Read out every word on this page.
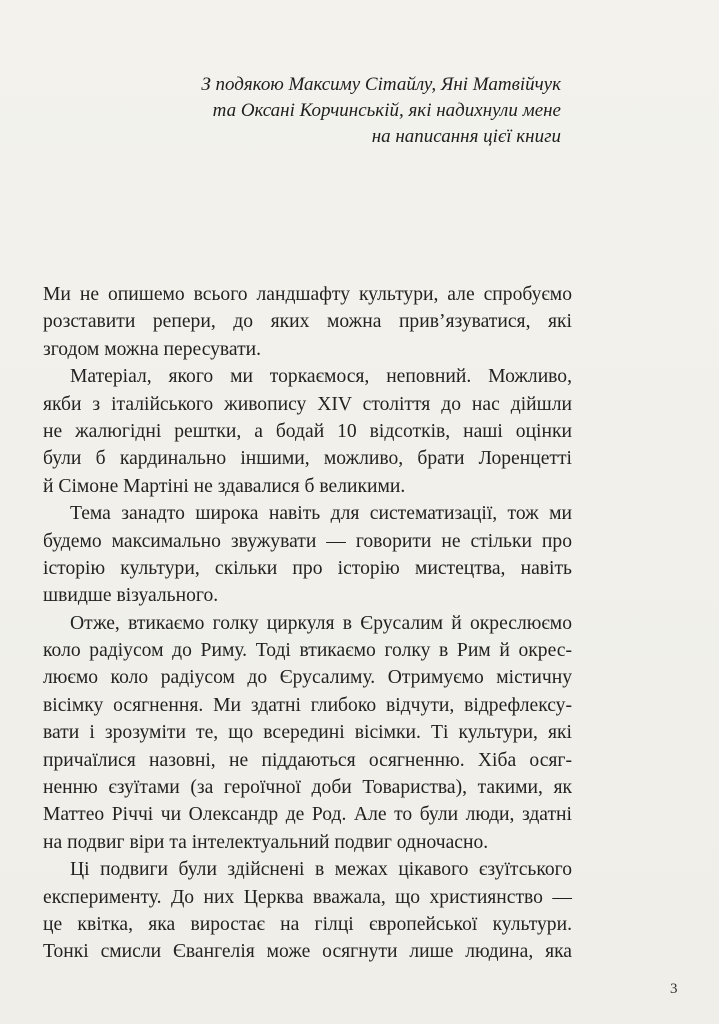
З подякою Максиму Сітайлу, Яні Матвійчук
та Оксані Корчинській, які надихнули мене
на написання цієї книги

Ми не опишемо всього ландшафту культури, але спробуємо
розставити репери, до яких можна прив’язуватися, які
згодом можна пересувати.

Матеріал, якого ми торкаємося, неповний. Можливо,
якби з італійського живопису XIV століття до нас дійшли
не жалюгідні рештки, а бодай 10 відсотків, наші оцінки
були б кардинально іншими, можливо, брати Лоренцетті
й Сімоне Мартіні не здавалися б великими.

Тема занадто широка навіть для систематизації, тож ми
будемо максимально звужувати — говорити не стільки про
історію культури, скільки про історію мистецтва, навіть
швидше візуального.

Отже, втикаємо голку циркуля в Єрусалим й окреслюємо
коло радіусом до Риму. Тоді втикаємо голку в Рим й окрес-
люємо коло радіусом до Єрусалиму. Отримуємо містичну
вісімку осягнення. Ми здатні глибоко відчути, відрефлексу-
вати і зрозуміти те, що всередині вісімки. Ті культури, які
причаїлися назовні, не піддаються осягненню. Хіба осяг-
ненню єзуїтами (за героїчної доби Товариства), такими, як
Маттео Річчі чи Олександр де Род. Але то були люди, здатні
на подвиг віри та інтелектуальний подвиг одночасно.

Ці подвиги були здійснені в межах цікавого єзуїтського
експерименту. До них Церква вважала, що християнство —
це квітка, яка виростає на гілці європейської культури.
Тонкі смисли Євангелія може осягнути лише людина, яка

3
